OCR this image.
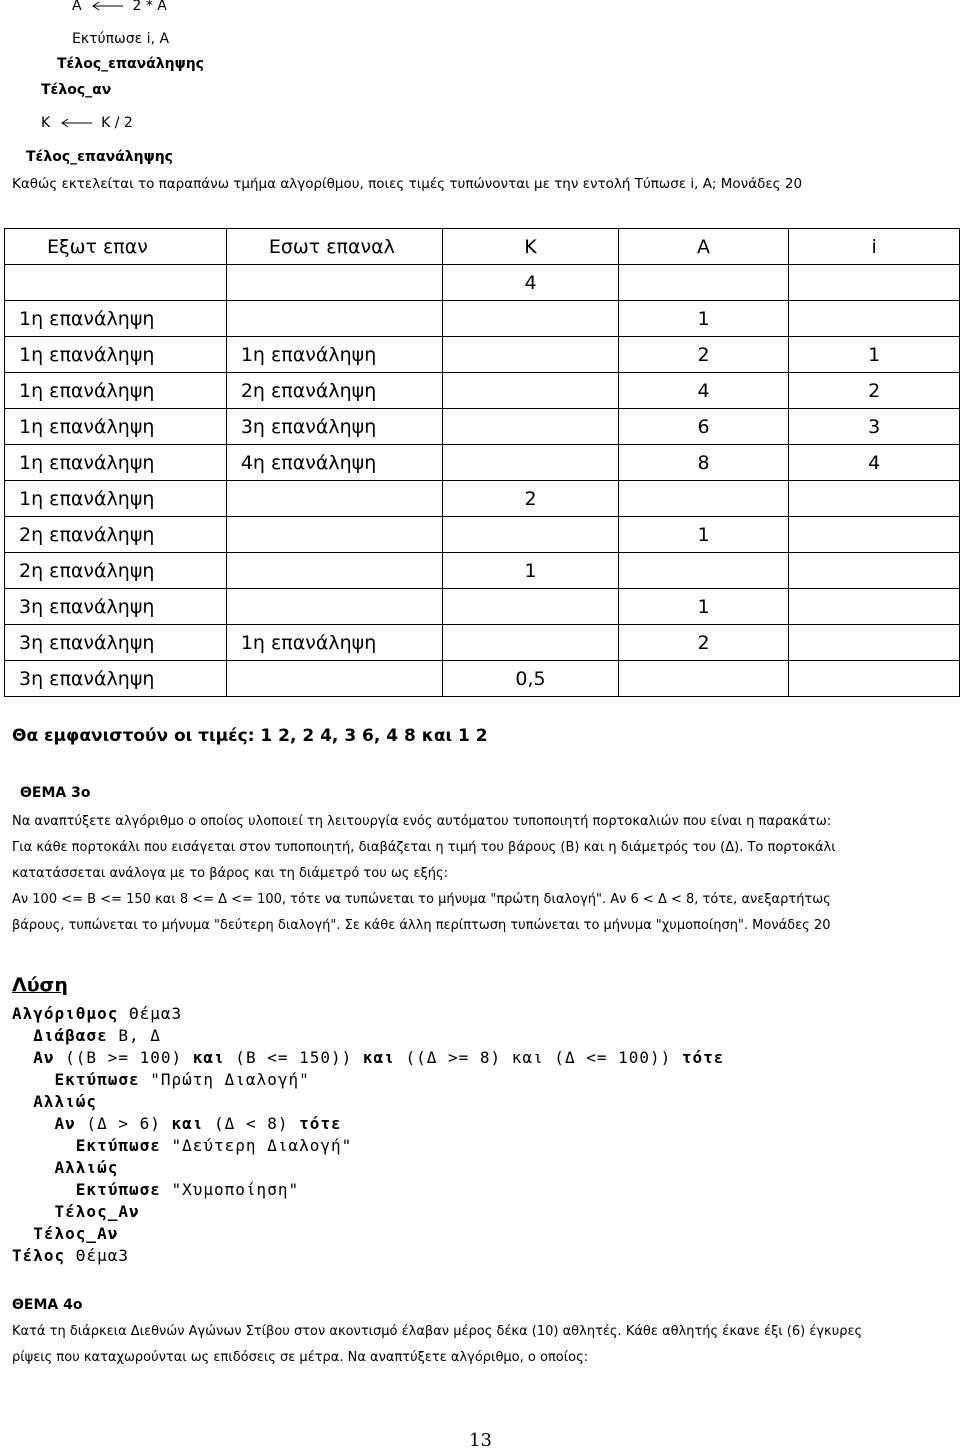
Α	2 * Α
Εκτύπωσε i, Α
Τέλος_επανάληψης
Τέλος_αν
Κ	Κ / 2
Τέλος_επανάληψης
Καθώς εκτελείται το παραπάνω τμήμα αλγορίθμου, ποιες τιμές τυπώνονται με την εντολή Τύπωσε i, Α; Μονάδες 20
Εξωτ επαν	Εσωτ επαναλ	Κ	Α	i
		4		
1η επανάληψη			1	
1η επανάληψη	1η επανάληψη		2	1
1η επανάληψη	2η επανάληψη		4	2
1η επανάληψη	3η επανάληψη		6	3
1η επανάληψη	4η επανάληψη		8	4
1η επανάληψη		2		
2η επανάληψη			1	
2η επανάληψη		1		
3η επανάληψη			1	
3η επανάληψη	1η επανάληψη		2	
3η επανάληψη		0,5		
Θα εμφανιστούν οι τιμές: 1 2, 2 4, 3 6, 4 8 και 1 2
ΘΕΜΑ 3ο
Να αναπτύξετε αλγόριθμο ο οποίος υλοποιεί τη λειτουργία ενός αυτόματου τυποποιητή πορτοκαλιών που είναι η παρακάτω:
Για κάθε πορτοκάλι που εισάγεται στον τυποποιητή, διαβάζεται η τιμή του βάρους (Β) και η διάμετρός του (Δ). Το πορτοκάλι
κατατάσσεται ανάλογα με το βάρος και τη διάμετρό του ως εξής:
Αν 100 <= Β <= 150 και 8 <= Δ <= 100, τότε να τυπώνεται το μήνυμα "πρώτη διαλογή". Αν 6 < Δ < 8, τότε, ανεξαρτήτως
βάρους, τυπώνεται το μήνυμα "δεύτερη διαλογή". Σε κάθε άλλη περίπτωση τυπώνεται το μήνυμα "χυμοποίηση". Μονάδες 20
Λύση
Αλγόριθμος Θέμα3
Διάβασε Β, Δ
Αν ((Β >= 100) και (Β <= 150)) και ((Δ >= 8) και (Δ <= 100)) τότε
Εκτύπωσε "Πρώτη Διαλογή"
Αλλιώς
Αν (Δ > 6) και (Δ < 8) τότε
Εκτύπωσε "Δεύτερη Διαλογή"
Αλλιώς
Εκτύπωσε "Χυμοποίηση"
Τέλος_Αν
Τέλος_Αν
Τέλος Θέμα3
ΘΕΜΑ 4ο
Κατά τη διάρκεια Διεθνών Αγώνων Στίβου στον ακοντισμό έλαβαν μέρος δέκα (10) αθλητές. Κάθε αθλητής έκανε έξι (6) έγκυρες
ρίψεις που καταχωρούνται ως επιδόσεις σε μέτρα. Να αναπτύξετε αλγόριθμο, ο οποίος:
13
